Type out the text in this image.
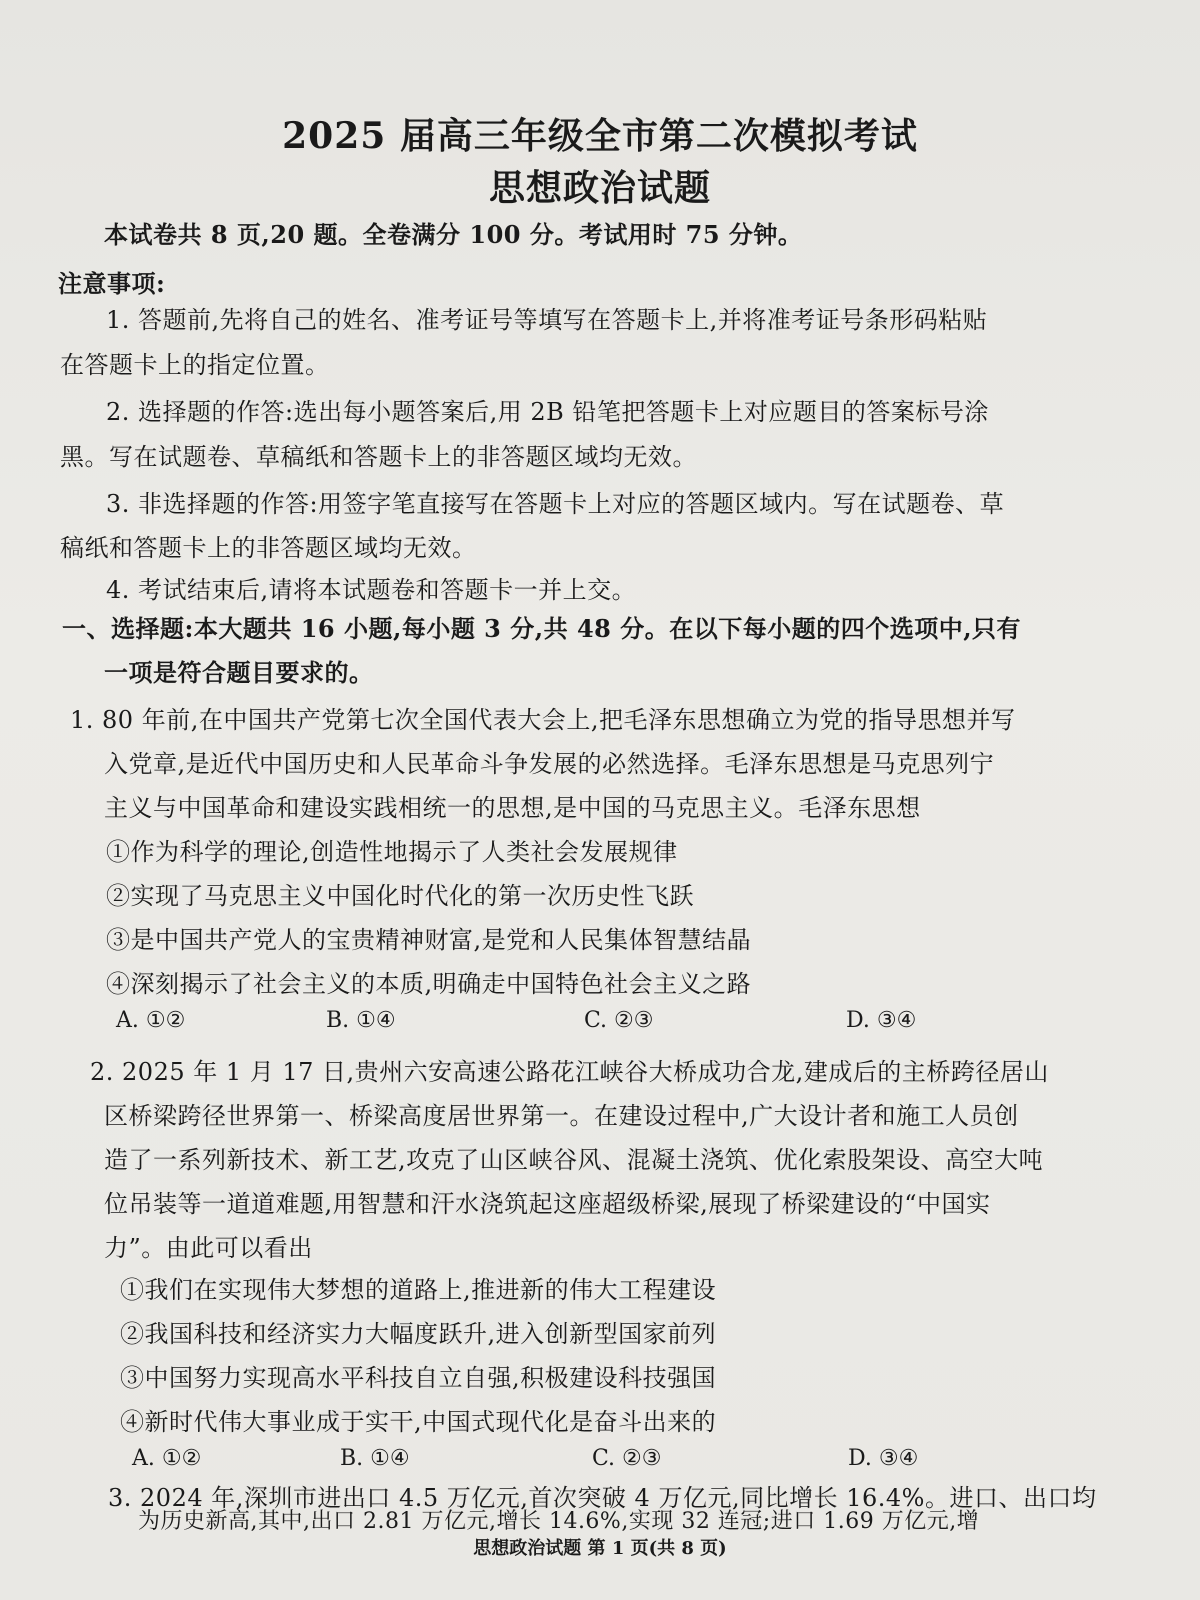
2025 届高三年级全市第二次模拟考试
思想政治试题
本试卷共 8 页,20 题。全卷满分 100 分。考试用时 75 分钟。
注意事项:
1. 答题前,先将自己的姓名、准考证号等填写在答题卡上,并将准考证号条形码粘贴
在答题卡上的指定位置。
2. 选择题的作答:选出每小题答案后,用 2B 铅笔把答题卡上对应题目的答案标号涂
黑。写在试题卷、草稿纸和答题卡上的非答题区域均无效。
3. 非选择题的作答:用签字笔直接写在答题卡上对应的答题区域内。写在试题卷、草
稿纸和答题卡上的非答题区域均无效。
4. 考试结束后,请将本试题卷和答题卡一并上交。
一、选择题:本大题共 16 小题,每小题 3 分,共 48 分。在以下每小题的四个选项中,只有
一项是符合题目要求的。
1. 80 年前,在中国共产党第七次全国代表大会上,把毛泽东思想确立为党的指导思想并写
入党章,是近代中国历史和人民革命斗争发展的必然选择。毛泽东思想是马克思列宁
主义与中国革命和建设实践相统一的思想,是中国的马克思主义。毛泽东思想
①作为科学的理论,创造性地揭示了人类社会发展规律
②实现了马克思主义中国化时代化的第一次历史性飞跃
③是中国共产党人的宝贵精神财富,是党和人民集体智慧结晶
④深刻揭示了社会主义的本质,明确走中国特色社会主义之路
A. ①②	B. ①④	C. ②③	D. ③④
2. 2025 年 1 月 17 日,贵州六安高速公路花江峡谷大桥成功合龙,建成后的主桥跨径居山
区桥梁跨径世界第一、桥梁高度居世界第一。在建设过程中,广大设计者和施工人员创
造了一系列新技术、新工艺,攻克了山区峡谷风、混凝土浇筑、优化索股架设、高空大吨
位吊装等一道道难题,用智慧和汗水浇筑起这座超级桥梁,展现了桥梁建设的“中国实
力”。由此可以看出
①我们在实现伟大梦想的道路上,推进新的伟大工程建设
②我国科技和经济实力大幅度跃升,进入创新型国家前列
③中国努力实现高水平科技自立自强,积极建设科技强国
④新时代伟大事业成于实干,中国式现代化是奋斗出来的
A. ①②	B. ①④	C. ②③	D. ③④
3. 2024 年,深圳市进出口 4.5 万亿元,首次突破 4 万亿元,同比增长 16.4%。进口、出口均
为历史新高,其中,出口 2.81 万亿元,增长 14.6%,实现 32 连冠;进口 1.69 万亿元,增
思想政治试题 第 1 页(共 8 页)
